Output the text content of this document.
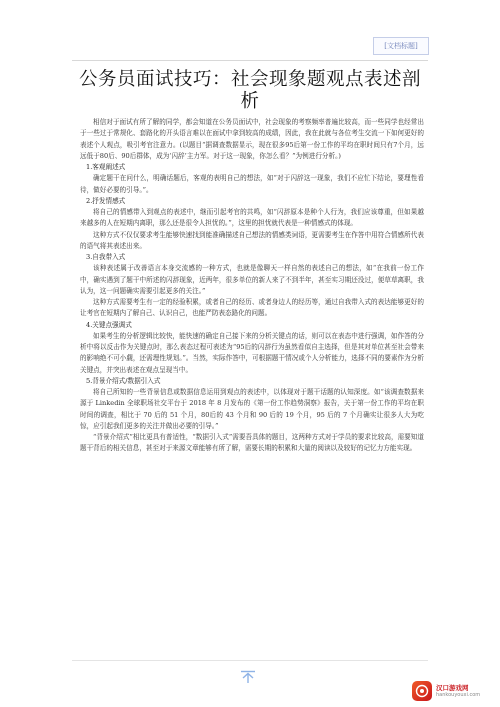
[文档标题]
公务员面试技巧：社会现象题观点表述剖析

相信对于面试有所了解的同学，都会知道在公务员面试中，社会现象的考察频率普遍比较高，而一些同学也经常出于一些过于常规化、套路化的开头语言难以在面试中拿到较高的成绩，因此，我在此就与各位考生交流一下如何更好的表述个人观点，吸引考官注意力。(以题目“据调查数据显示，现在很多95后第一份工作的平均在职时间只有7个月，远远低于80后、90后群体，成为‘闪辞’主力军。对于这一现象，你怎么看？”为例进行分析。)

1.客观阐述式

确定题干在问什么，明确话题后，客观的表明自己的想法，如“对于闪辞这一现象，我们不应忙下结论，要理性看待，做好必要的引导。”。

2.抒发情感式

将自己的情感带入到观点的表述中，继而引起考官的共鸣，如“闪辞原本是种个人行为，我们应该尊重，但如果越来越多的人在短期内离职，那么还是很令人担忧的。”，这里的担忧就代表是一种情感式的体现。

这种方式不仅仅要求考生能够快速找到能准确描述自己想法的情感类词语，更需要考生在作答中用符合情感所代表的语气将其表述出来。

3.自我带入式

该种表述属于改善语言本身交流感的一种方式，也就是像聊天一样自然的表述自己的想法，如“在我前一份工作中，确实遇到了题干中所述的闪辞现象，近两年，很多单位的新人来了不到半年，甚至实习期还没过，便草草离职，我认为，这一问题确实需要引起更多的关注。”

这种方式需要考生有一定的经验积累，或者自己的经历、或者身边人的经历等，通过自我带入式的表达能够更好的让考官在短期内了解自己、认识自己，也能严防表态路化的问题。

4.关键点强调式

如果考生的分析逻辑比较快，能快速的确定自己接下来的分析关键点的话，则可以在表态中进行强调，如作答的分析中将以反击作为关键点时，那么表态过程可表述为“95后的闪辞行为虽然看似自主选择，但是其对单位甚至社会带来的影响绝不可小觑，还需理性规划。”。当然，实际作答中，可根据题干情况或个人分析能力，选择不同的要素作为分析关键点，并突出表述在观点呈现当中。

5.背景介绍式/数据引入式

将自己所知的一些背景信息或数据信息运用到观点的表述中，以体现对于题干话题的认知深度。如“该调查数据来源于 Linkedin 全球职场社交平台于 2018 年 8 月发布的《第一份工作趋势洞察》报告，关于第一份工作的平均在职时间的调查，相比于 70 后的 51 个月，80后的 43 个月和 90 后的 19 个月，95 后的 7 个月确实让很多人大为吃惊，应引起我们更多的关注并做出必要的引导。”

“背景介绍式”相比更具有普适性，“数据引入式”需要吾具体的题目，这两种方式对于学员的要求比较高，需要知道题干背后的相关信息，甚至对于来源文章能够有所了解，需要长期的积累和大量的阅读以及较好的记忆力方能实现。

汉口游戏网
hankouyouxi.com
